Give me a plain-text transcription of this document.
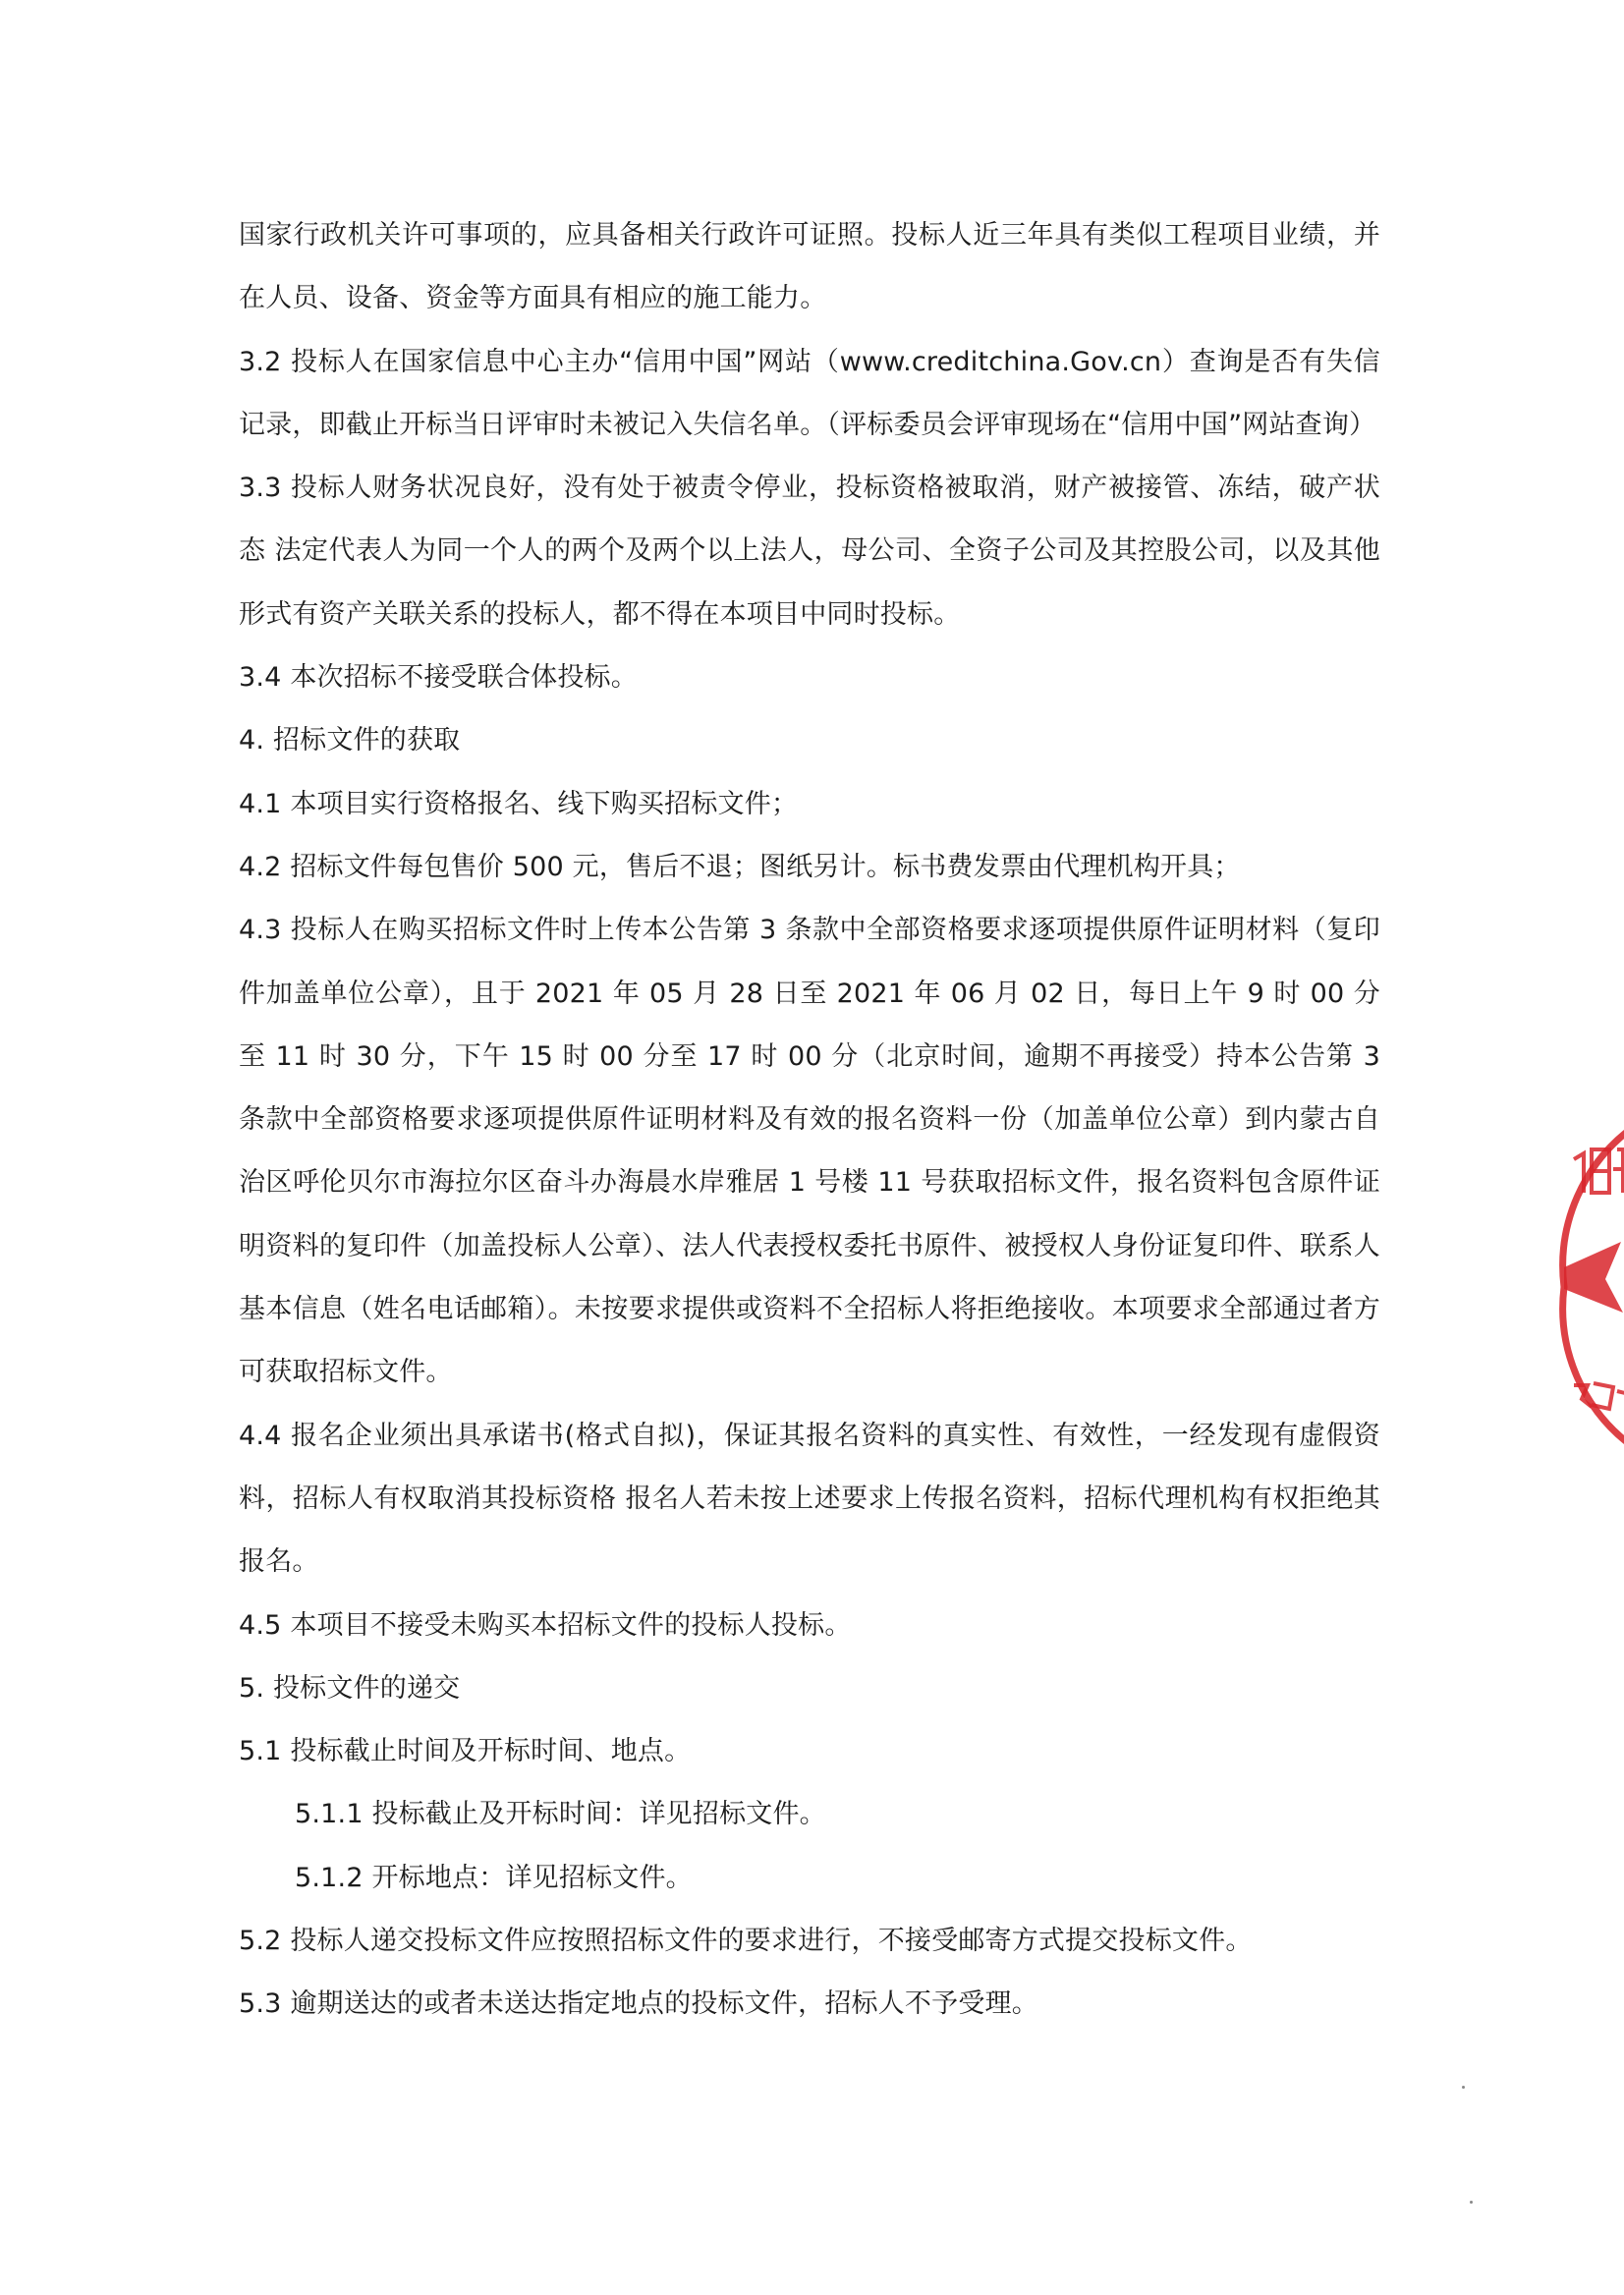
国家行政机关许可事项的，应具备相关行政许可证照。投标人近三年具有类似工程项目业绩，并在人员、设备、资金等方面具有相应的施工能力。

3.2 投标人在国家信息中心主办“信用中国”网站（www.creditchina.Gov.cn）查询是否有失信记录，即截止开标当日评审时未被记入失信名单。（评标委员会评审现场在“信用中国”网站查询）

3.3 投标人财务状况良好，没有处于被责令停业，投标资格被取消，财产被接管、冻结，破产状态 法定代表人为同一个人的两个及两个以上法人，母公司、全资子公司及其控股公司，以及其他形式有资产关联关系的投标人，都不得在本项目中同时投标。

3.4 本次招标不接受联合体投标。

4. 招标文件的获取

4.1 本项目实行资格报名、线下购买招标文件；

4.2 招标文件每包售价 500 元，售后不退；图纸另计。标书费发票由代理机构开具；

4.3 投标人在购买招标文件时上传本公告第 3 条款中全部资格要求逐项提供原件证明材料（复印件加盖单位公章），且于 2021 年 05 月 28 日至 2021 年 06 月 02 日，每日上午 9 时 00 分至 11 时 30 分，下午 15 时 00 分至 17 时 00 分（北京时间，逾期不再接受）持本公告第 3 条款中全部资格要求逐项提供原件证明材料及有效的报名资料一份（加盖单位公章）到内蒙古自治区呼伦贝尔市海拉尔区奋斗办海晨水岸雅居 1 号楼 11 号获取招标文件，报名资料包含原件证明资料的复印件（加盖投标人公章）、法人代表授权委托书原件、被授权人身份证复印件、联系人基本信息（姓名电话邮箱）。未按要求提供或资料不全招标人将拒绝接收。本项要求全部通过者方可获取招标文件。

4.4 报名企业须出具承诺书(格式自拟)，保证其报名资料的真实性、有效性，一经发现有虚假资料，招标人有权取消其投标资格 报名人若未按上述要求上传报名资料，招标代理机构有权拒绝其报名。

4.5 本项目不接受未购买本招标文件的投标人投标。

5. 投标文件的递交

5.1 投标截止时间及开标时间、地点。

5.1.1 投标截止及开标时间：详见招标文件。

5.1.2 开标地点：详见招标文件。

5.2 投标人递交投标文件应按照招标文件的要求进行，不接受邮寄方式提交投标文件。

5.3 逾期送达的或者未送达指定地点的投标文件，招标人不予受理。
